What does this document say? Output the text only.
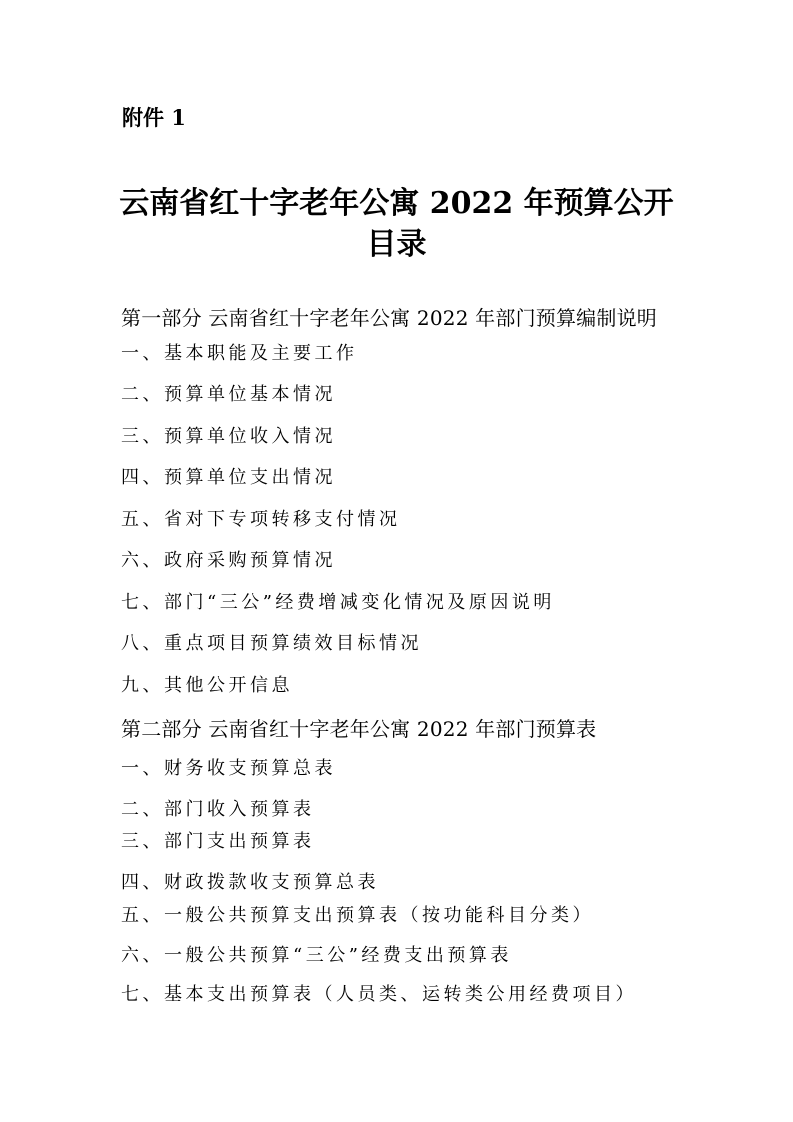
附件 1
云南省红十字老年公寓 2022 年预算公开目录
第一部分 云南省红十字老年公寓 2022 年部门预算编制说明
一、基本职能及主要工作
二、预算单位基本情况
三、预算单位收入情况
四、预算单位支出情况
五、省对下专项转移支付情况
六、政府采购预算情况
七、部门“三公”经费增减变化情况及原因说明
八、重点项目预算绩效目标情况
九、其他公开信息
第二部分 云南省红十字老年公寓 2022 年部门预算表
一、财务收支预算总表
二、部门收入预算表
三、部门支出预算表
四、财政拨款收支预算总表
五、一般公共预算支出预算表（按功能科目分类）
六、一般公共预算“三公”经费支出预算表
七、基本支出预算表（人员类、运转类公用经费项目）
